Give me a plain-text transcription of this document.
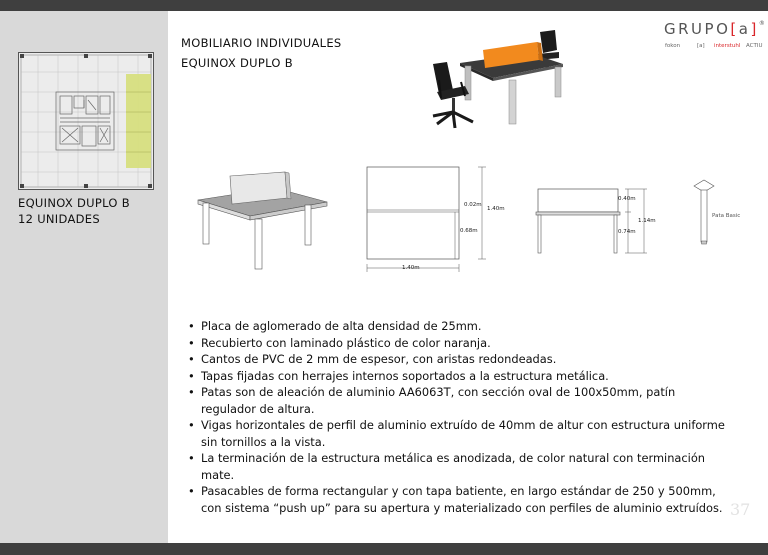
EQUINOX DUPLO B
12 UNIDADES
MOBILIARIO INDIVIDUALES
EQUINOX DUPLO B
GRUPO[a]®
fokon	[a] interstuhl ACTIU
0.02m
1.40m
0.68m
1.40m
0.40m
1.14m
0.74m
Pata Basic
• Placa de aglomerado de alta densidad de 25mm.
• Recubierto con laminado plástico de color naranja.
• Cantos de PVC de 2 mm de espesor, con aristas redondeadas.
• Tapas fijadas con herrajes internos soportados a la estructura metálica.
• Patas son de aleación de aluminio AA6063T, con sección oval de 100x50mm, patín regulador de altura.
• Vigas horizontales de perfil de aluminio extruído de 40mm de altur con estructura uniforme sin tornillos a la vista.
• La terminación de la estructura metálica es anodizada, de color natural con terminación mate.
• Pasacables de forma rectangular y con tapa batiente, en largo estándar de 250 y 500mm, con sistema “push up” para su apertura y materializado con perfiles de aluminio extruídos. 37
